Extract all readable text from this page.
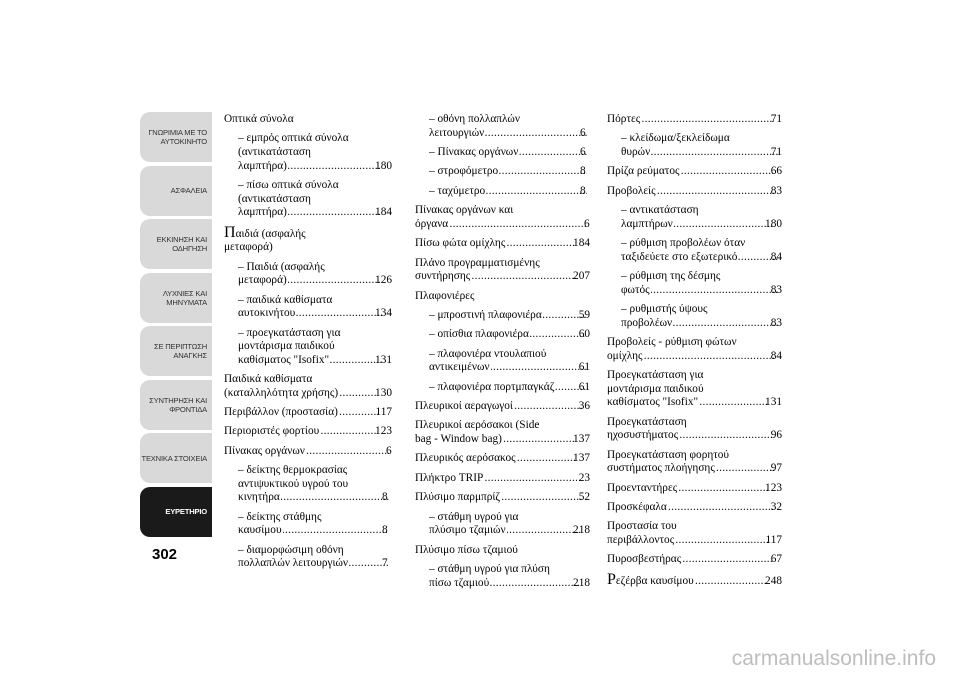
ΓΝΩΡΙΜΙΑ ΜΕ ΤΟ ΑΥΤΟΚΙΝΗΤΟ
ΑΣΦΑΛΕΙΑ
ΕΚΚΙΝΗΣΗ ΚΑΙ ΟΔΗΓΗΣΗ
ΛΥΧΝΙΕΣ ΚΑΙ ΜΗΝΥΜΑΤΑ
ΣΕ ΠΕΡΙΠΤΩΣΗ ΑΝΑΓΚΗΣ
ΣΥΝΤΗΡΗΣΗ ΚΑΙ ΦΡΟΝΤΙΔΑ
ΤΕΧΝΙΚΑ ΣΤΟΙΧΕΙΑ
ΕΥΡΕΤΗΡΙΟ
302
Οπτικά σύνολα
– εμπρός οπτικά σύνολα
(αντικατάσταση
λαμπτήρα) .....	180
– πίσω οπτικά σύνολα
(αντικατάσταση
λαμπτήρα) .....	184
Παιδιά (ασφαλής
μεταφορά)
– Παιδιά (ασφαλής
μεταφορά) .....	126
– παιδικά καθίσματα
αυτοκινήτου .....	134
– προεγκατάσταση για
μοντάρισμα παιδικού
καθίσματος "Isofix" .....	131
Παιδικά καθίσματα
(καταλληλότητα χρήσης) .....	130
Περιβάλλον (προστασία) .....	117
Περιοριστές φορτίου .....	123
Πίνακας οργάνων .....	6
– δείκτης θερμοκρασίας
αντιψυκτικού υγρού του
κινητήρα .....	8
– δείκτης στάθμης
καυσίμου .....	8
– διαμορφώσιμη οθόνη
πολλαπλών λειτουργιών .....	7
– οθόνη πολλαπλών
λειτουργιών .....	6
– Πίνακας οργάνων .....	6
– στροφόμετρο .....	8
– ταχύμετρο .....	8
Πίνακας οργάνων και
όργανα .....	6
Πίσω φώτα ομίχλης .....	184
Πλάνο προγραμματισμένης
συντήρησης .....	207
Πλαφονιέρες
– μπροστινή πλαφονιέρα .....	59
– οπίσθια πλαφονιέρα .....	60
– πλαφονιέρα ντουλαπιού
αντικειμένων .....	61
– πλαφονιέρα πορτμπαγκάζ ..... 61
Πλευρικοί αεραγωγοί .....	36
Πλευρικοί αερόσακοι (Side
bag - Window bag) .....	137
Πλευρικός αερόσακος .....	137
Πλήκτρο TRIP .....	23
Πλύσιμο παρμπρίζ .....	52
– στάθμη υγρού για
πλύσιμο τζαμιών .....	218
Πλύσιμο πίσω τζαμιού
– στάθμη υγρού για πλύση
πίσω τζαμιού .....	218
Πόρτες .....	71
– κλείδωμα/ξεκλείδωμα
θυρών .....	71
Πρίζα ρεύματος .....	66
Προβολείς .....	83
– αντικατάσταση
λαμπτήρων .....	180
– ρύθμιση προβολέων όταν
ταξιδεύετε στο εξωτερικό .....	84
– ρύθμιση της δέσμης
φωτός .....	83
– ρυθμιστής ύψους
προβολέων .....	83
Προβολείς - ρύθμιση φώτων
ομίχλης .....	84
Προεγκατάσταση για
μοντάρισμα παιδικού
καθίσματος "Isofix" .....	131
Προεγκατάσταση
ηχοσυστήματος .....	96
Προεγκατάσταση φορητού
συστήματος πλοήγησης .....	97
Προενταντήρες .....	123
Προσκέφαλα .....	32
Προστασία του
περιβάλλοντος .....	117
Πυροσβεστήρας .....	67
Ρεζέρβα καυσίμου .....	248
carmanualsonline.info
